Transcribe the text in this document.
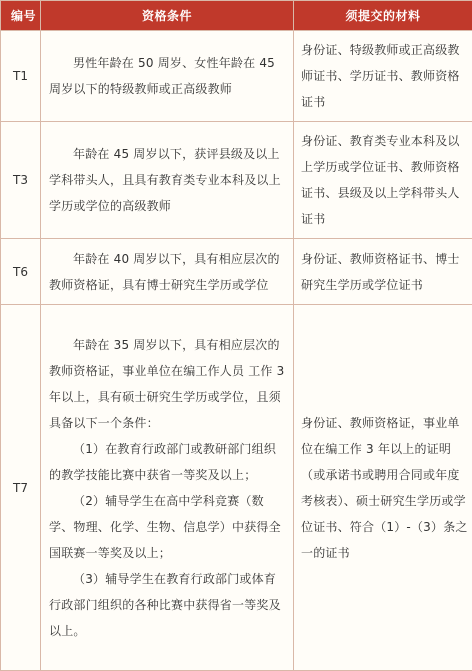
编号	资格条件	须提交的材料
T1	男性年龄在 50 周岁、女性年龄在 45 周岁以下的特级教师或正高级教师	身份证、特级教师或正高级教师证书、学历证书、教师资格证书

T3	年龄在 45 周岁以下，获评县级及以上学科带头人，且具有教育类专业本科及以上学历或学位的高级教师	身份证、教育类专业本科及以上学历或学位证书、教师资格证书、县级及以上学科带头人证书

T6	年龄在 40 周岁以下，具有相应层次的教师资格证，具有博士研究生学历或学位	身份证、教师资格证书、博士研究生学历或学位证书

T7	年龄在 35 周岁以下，具有相应层次的教师资格证，事业单位在编工作人员 工作 3 年以上，具有硕士研究生学历或学位，且须具备以下一个条件：

（1）在教育行政部门或教研部门组织的教学技能比赛中获省一等奖及以上；

（2）辅导学生在高中学科竞赛（数学、物理、化学、生物、信息学）中获得全国联赛一等奖及以上；

（3）辅导学生在教育行政部门或体育行政部门组织的各种比赛中获得省一等奖及以上。	身份证、教师资格证，事业单位在编工作 3 年以上的证明（或承诺书或聘用合同或年度考核表）、硕士研究生学历或学位证书、符合（1）-（3）条之一的证书
